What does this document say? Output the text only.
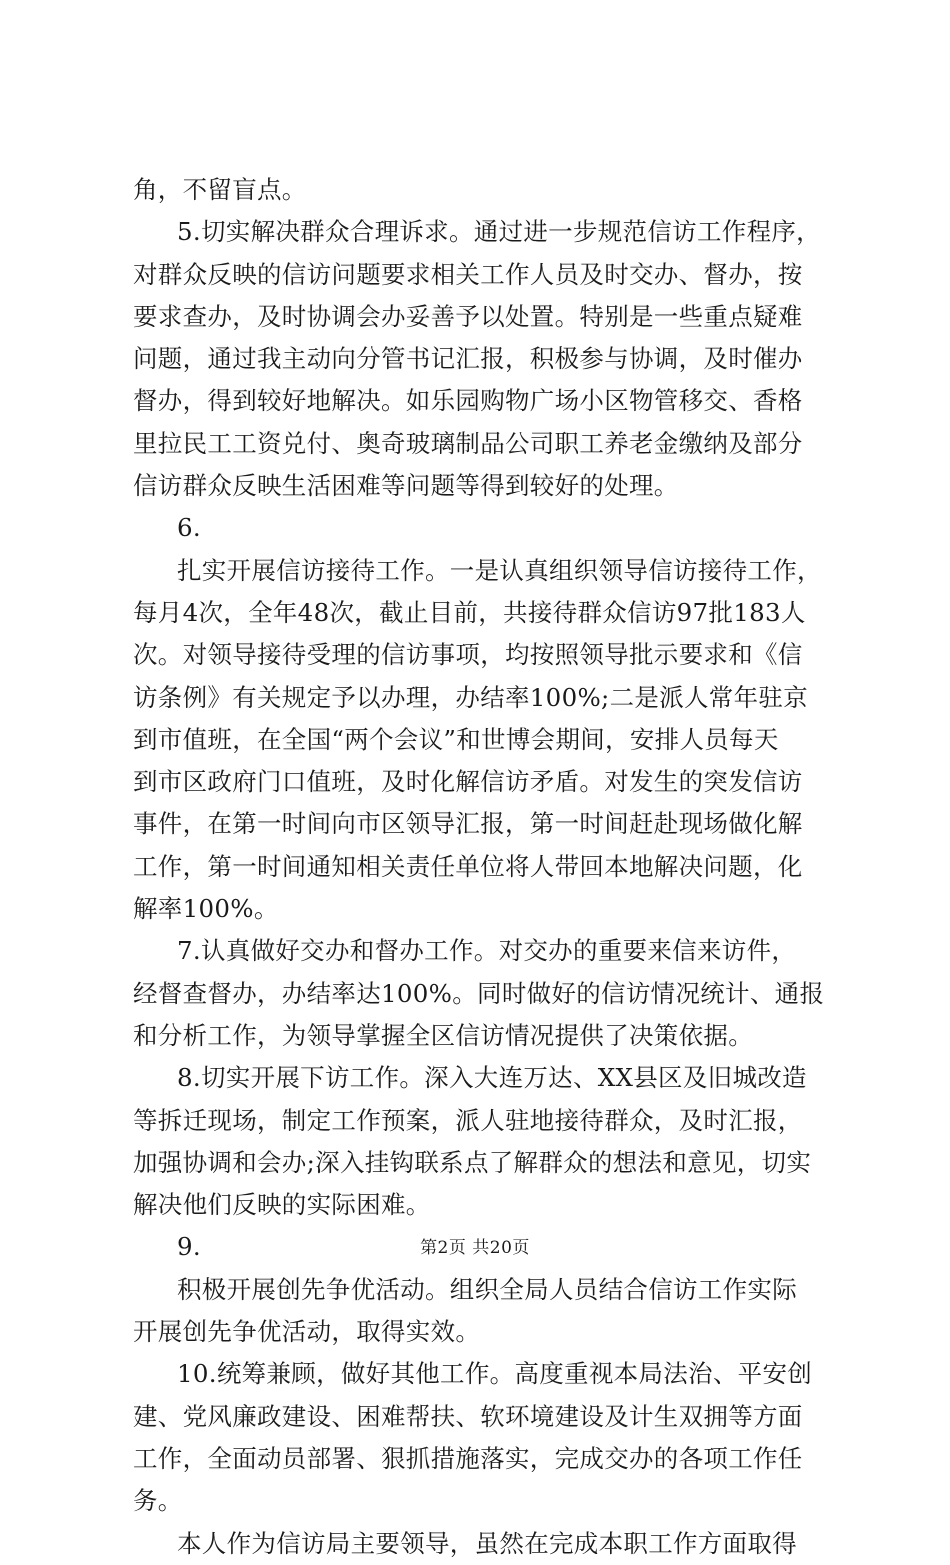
角，不留盲点。
5.切实解决群众合理诉求。通过进一步规范信访工作程序，
对群众反映的信访问题要求相关工作人员及时交办、督办，按
要求查办，及时协调会办妥善予以处置。特别是一些重点疑难
问题，通过我主动向分管书记汇报，积极参与协调，及时催办
督办，得到较好地解决。如乐园购物广场小区物管移交、香格
里拉民工工资兑付、奥奇玻璃制品公司职工养老金缴纳及部分
信访群众反映生活困难等问题等得到较好的处理。
6.
扎实开展信访接待工作。一是认真组织领导信访接待工作，
每月4次，全年48次，截止目前，共接待群众信访97批183人
次。对领导接待受理的信访事项，均按照领导批示要求和《信
访条例》有关规定予以办理，办结率100%;二是派人常年驻京
到市值班，在全国“两个会议”和世博会期间，安排人员每天
到市区政府门口值班，及时化解信访矛盾。对发生的突发信访
事件，在第一时间向市区领导汇报，第一时间赶赴现场做化解
工作，第一时间通知相关责任单位将人带回本地解决问题，化
解率100%。
7.认真做好交办和督办工作。对交办的重要来信来访件，
经督查督办，办结率达100%。同时做好的信访情况统计、通报
和分析工作，为领导掌握全区信访情况提供了决策依据。
8.切实开展下访工作。深入大连万达、XX县区及旧城改造
等拆迁现场，制定工作预案，派人驻地接待群众，及时汇报，
加强协调和会办;深入挂钩联系点了解群众的想法和意见，切实
解决他们反映的实际困难。
9.
积极开展创先争优活动。组织全局人员结合信访工作实际
开展创先争优活动，取得实效。
10.统筹兼顾，做好其他工作。高度重视本局法治、平安创
建、党风廉政建设、困难帮扶、软环境建设及计生双拥等方面
工作，全面动员部署、狠抓措施落实，完成交办的各项工作任
务。
本人作为信访局主要领导，虽然在完成本职工作方面取得
第2页 共20页
